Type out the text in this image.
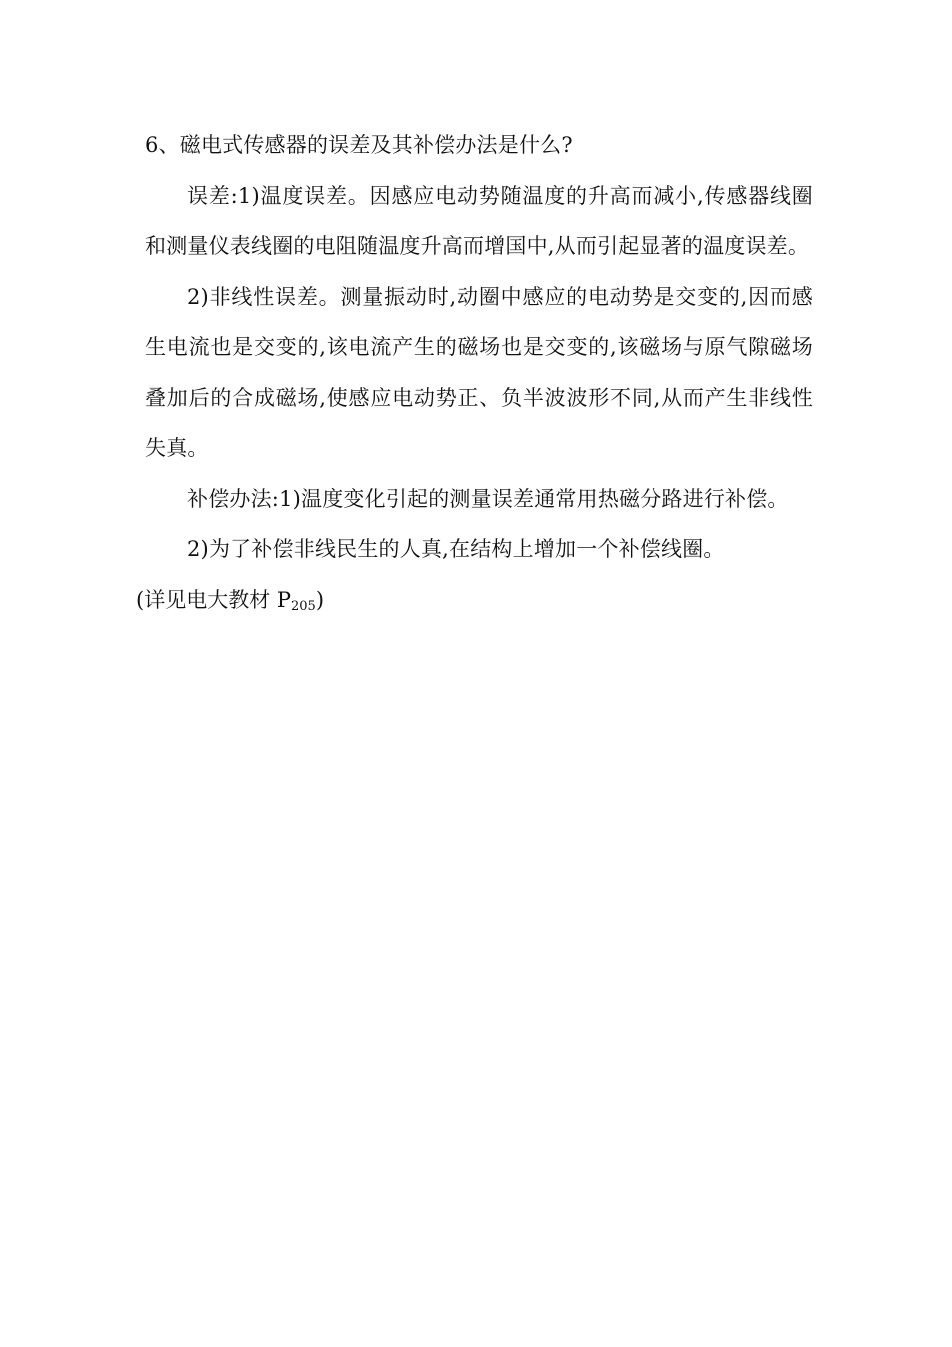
6、磁电式传感器的误差及其补偿办法是什么?

误差:1)温度误差。因感应电动势随温度的升高而减小,传感器线圈和测量仪表线圈的电阻随温度升高而增国中,从而引起显著的温度误差。

2)非线性误差。测量振动时,动圈中感应的电动势是交变的,因而感生电流也是交变的,该电流产生的磁场也是交变的,该磁场与原气隙磁场叠加后的合成磁场,使感应电动势正、负半波波形不同,从而产生非线性失真。

补偿办法:1)温度变化引起的测量误差通常用热磁分路进行补偿。

2)为了补偿非线民生的人真,在结构上增加一个补偿线圈。

(详见电大教材 $P_{205}$)
